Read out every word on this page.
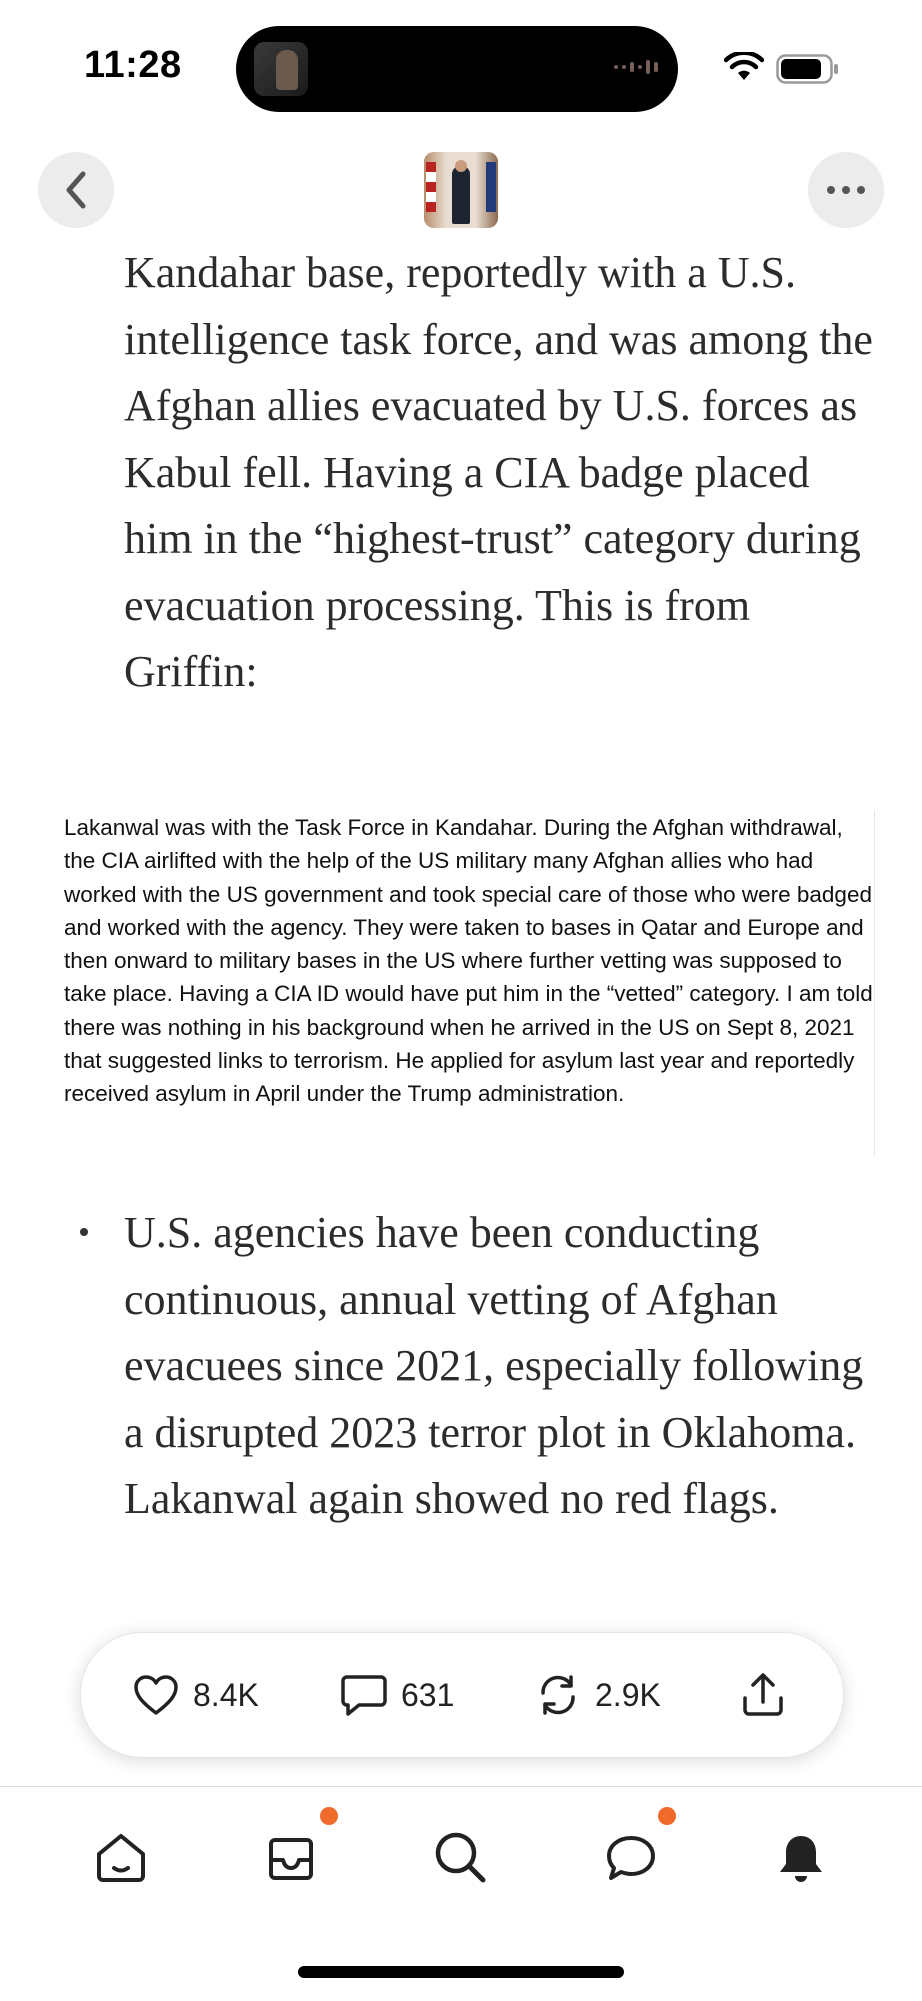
11:28

Kandahar base, reportedly with a U.S. intelligence task force, and was among the Afghan allies evacuated by U.S. forces as Kabul fell. Having a CIA badge placed him in the “highest-trust” category during evacuation processing. This is from Griffin:

Lakanwal was with the Task Force in Kandahar. During the Afghan withdrawal, the CIA airlifted with the help of the US military many Afghan allies who had worked with the US government and took special care of those who were badged and worked with the agency. They were taken to bases in Qatar and Europe and then onward to military bases in the US where further vetting was supposed to take place. Having a CIA ID would have put him in the “vetted” category. I am told there was nothing in his background when he arrived in the US on Sept 8, 2021 that suggested links to terrorism. He applied for asylum last year and reportedly received asylum in April under the Trump administration.

U.S. agencies have been conducting continuous, annual vetting of Afghan evacuees since 2021, especially following a disrupted 2023 terror plot in Oklahoma. Lakanwal again showed no red flags.

8.4K	631	2.9K
